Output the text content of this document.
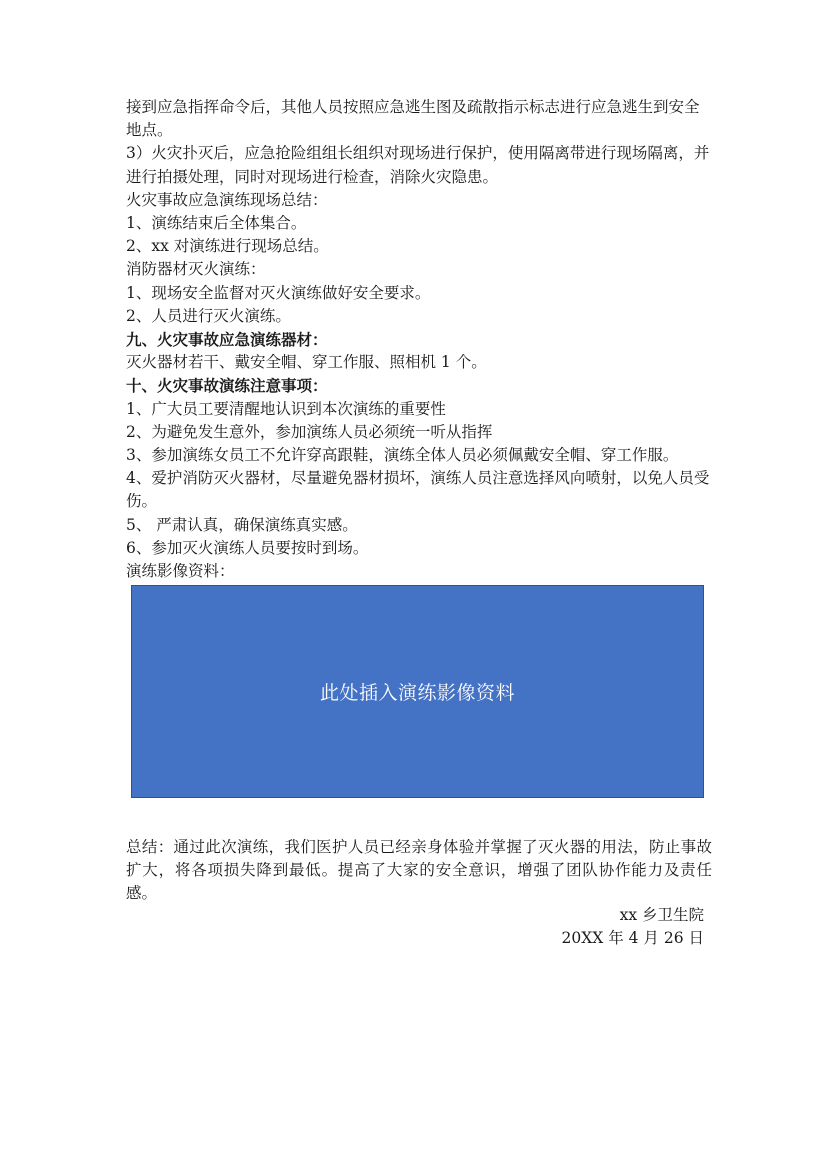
接到应急指挥命令后，其他人员按照应急逃生图及疏散指示标志进行应急逃生到安全地点。

3）火灾扑灭后，应急抢险组组长组织对现场进行保护，使用隔离带进行现场隔离，并进行拍摄处理，同时对现场进行检查，消除火灾隐患。

火灾事故应急演练现场总结：

1、演练结束后全体集合。

2、xx 对演练进行现场总结。

消防器材灭火演练：

1、现场安全监督对灭火演练做好安全要求。

2、人员进行灭火演练。

九、火灾事故应急演练器材：

灭火器材若干、戴安全帽、穿工作服、照相机 1 个。

十、火灾事故演练注意事项：

1、广大员工要清醒地认识到本次演练的重要性

2、为避免发生意外，参加演练人员必须统一听从指挥

3、参加演练女员工不允许穿高跟鞋，演练全体人员必须佩戴安全帽、穿工作服。

4、爱护消防灭火器材，尽量避免器材损坏，演练人员注意选择风向喷射，以免人员受伤。

5、 严肃认真，确保演练真实感。

6、参加灭火演练人员要按时到场。

演练影像资料：

此处插入演练影像资料

总结：通过此次演练，我们医护人员已经亲身体验并掌握了灭火器的用法，防止事故扩大，将各项损失降到最低。提高了大家的安全意识，增强了团队协作能力及责任感。

xx 乡卫生院

20XX 年 4 月 26 日
